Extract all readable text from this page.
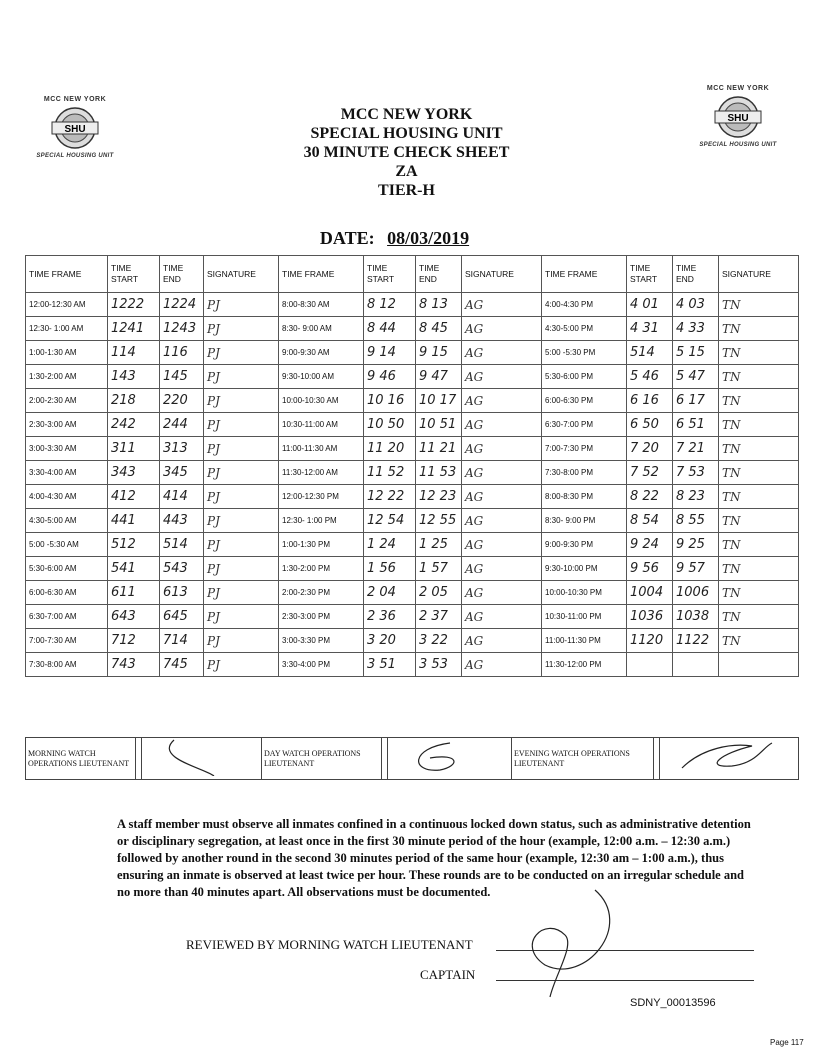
MCC NEW YORK
SHU
SPECIAL HOUSING UNIT
MCC NEW YORK
SHU
SPECIAL HOUSING UNIT
MCC NEW YORK
SPECIAL HOUSING UNIT
30 MINUTE CHECK SHEET
ZA
TIER-H
DATE: 08/03/2019
TIME FRAME	TIME START	TIME END	SIGNATURE	TIME FRAME	TIME START	TIME END	SIGNATURE	TIME FRAME	TIME START	TIME END	SIGNATURE
12:00-12:30 AM	1222	1224	PJ	8:00-8:30 AM	8 12	8 13	AG	4:00-4:30 PM	4 01	4 03	TN
12:30- 1:00 AM	1241	1243	PJ	8:30- 9:00 AM	8 44	8 45	AG	4:30-5:00 PM	4 31	4 33	TN
1:00-1:30 AM	114	116	PJ	9:00-9:30 AM	9 14	9 15	AG	5:00 -5:30 PM	514	5 15	TN
1:30-2:00 AM	143	145	PJ	9:30-10:00 AM	9 46	9 47	AG	5:30-6:00 PM	5 46	5 47	TN
2:00-2:30 AM	218	220	PJ	10:00-10:30 AM	10 16	10 17	AG	6:00-6:30 PM	6 16	6 17	TN
2:30-3:00 AM	242	244	PJ	10:30-11:00 AM	10 50	10 51	AG	6:30-7:00 PM	6 50	6 51	TN
3:00-3:30 AM	311	313	PJ	11:00-11:30 AM	11 20	11 21	AG	7:00-7:30 PM	7 20	7 21	TN
3:30-4:00 AM	343	345	PJ	11:30-12:00 AM	11 52	11 53	AG	7:30-8:00 PM	7 52	7 53	TN
4:00-4:30 AM	412	414	PJ	12:00-12:30 PM	12 22	12 23	AG	8:00-8:30 PM	8 22	8 23	TN
4:30-5:00 AM	441	443	PJ	12:30- 1:00 PM	12 54	12 55	AG	8:30- 9:00 PM	8 54	8 55	TN
5:00 -5:30 AM	512	514	PJ	1:00-1:30 PM	1 24	1 25	AG	9:00-9:30 PM	9 24	9 25	TN
5:30-6:00 AM	541	543	PJ	1:30-2:00 PM	1 56	1 57	AG	9:30-10:00 PM	9 56	9 57	TN
6:00-6:30 AM	611	613	PJ	2:00-2:30 PM	2 04	2 05	AG	10:00-10:30 PM	1004	1006	TN
6:30-7:00 AM	643	645	PJ	2:30-3:00 PM	2 36	2 37	AG	10:30-11:00 PM	1036	1038	TN
7:00-7:30 AM	712	714	PJ	3:00-3:30 PM	3 20	3 22	AG	11:00-11:30 PM	1120	1122	TN
7:30-8:00 AM	743	745	PJ	3:30-4:00 PM	3 51	3 53	AG	11:30-12:00 PM			
MORNING WATCH OPERATIONS LIEUTENANT			DAY WATCH OPERATIONS LIEUTENANT			EVENING WATCH OPERATIONS LIEUTENANT		
A staff member must observe all inmates confined in a continuous locked down status, such as administrative detention or disciplinary segregation, at least once in the first 30 minute period of the hour (example, 12:00 a.m. – 12:30 a.m.) followed by another round in the second 30 minutes period of the same hour (example, 12:30 am – 1:00 a.m.), thus ensuring an inmate is observed at least twice per hour. These rounds are to be conducted on an irregular schedule and no more than 40 minutes apart. All observations must be documented.
REVIEWED BY MORNING WATCH LIEUTENANT
CAPTAIN
SDNY_00013596
Page 117
